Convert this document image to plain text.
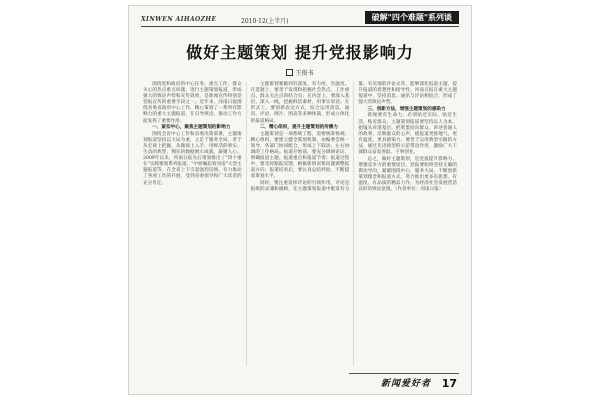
XINWEN AIHAOZHE	2010·12(上半月)	破解"四个难题"系列谈
做好主题策划 提升党报影响力
王俊书

围绕党和政府的中心任务、重点工作，群众关心的热点难点问题，进行主题策划报道，形成强大的舆论声势和宣传效果，是新闻宣传特别是党报宣传的重要手段之一。近年来，河南日报围绕省委省政府中心工作，精心策划了一系列有影响力的重大主题报道，在引导舆论、推动工作方面发挥了重要作用。

一、紧扣中心，聚焦主题策划的影响力

围绕全省中心工作和省委决策部署，主题策划报道坚持以大局为重，立足于服务全局，善于从宏观上把握，从微观上入手，用鲜活的事实、生动的典型、翔实的数据展示成就、凝聚人心。2009年以来，河南日报先后策划推出了"四个重在"实践要领系列报道、"中原崛起看河南"大型主题报道等，在全省上下引起强烈反响，有力推动了各项工作的开展，受到省委领导和广大读者的充分肯定。

主题策划要做到有深度、有力度、有温度。在选题上，要善于发现和把握社会热点、工作重点、群众关注点的结合点；在内容上，要深入基层、深入一线，挖掘鲜活素材，用事实说话；在形式上，要创新表达方式，综合运用消息、通讯、评论、图片、图表等多种体裁，形成立体化的报道格局。

二、精心组织，提升主题策划的传播力

主题策划是一项系统工程，需要统筹协调、精心组织。要建立健全策划机制，由编委会统一领导，各部门协同配合，形成上下联动、左右协调的工作格局。报道开始前，要充分调研论证，明确报道主题、报道重点和报道节奏；报道过程中，要及时跟踪反馈，根据新情况新问题调整报道方向；报道结束后，要认真总结经验，不断提高策划水平。

同时，要注重发挥评论的引领作用。评论是报纸的灵魂和旗帜，在主题策划报道中配发有分量、有见地的评论文章，能够深化报道主题，提升报道的思想性和指导性。河南日报在重大主题报道中，坚持消息、通讯与评论相结合，形成了强大的舆论声势。

三、创新方法，增强主题策划的感染力

新闻要有生命力，必须贴近实际、贴近生活、贴近群众。主题策划报道要坚持以人为本，把镜头对准基层，把笔墨投向群众，讲述普通人的故事，反映群众的心声，使报道更接地气、更有温度、更具感染力。要善于运用典型引路的方法，通过先进典型的示范带动作用，激励广大干部群众奋发进取、干事创业。

总之，做好主题策划，是党报提升影响力、增强竞争力的重要途径。党报要始终坚持正确的舆论导向，紧紧围绕中心、服务大局，不断创新策划理念和报道方式，努力推出更多有思想、有温度、有品质的精品力作，为经济社会发展营造良好的舆论氛围。（作者单位：河南日报）

新闻爱好者 17
